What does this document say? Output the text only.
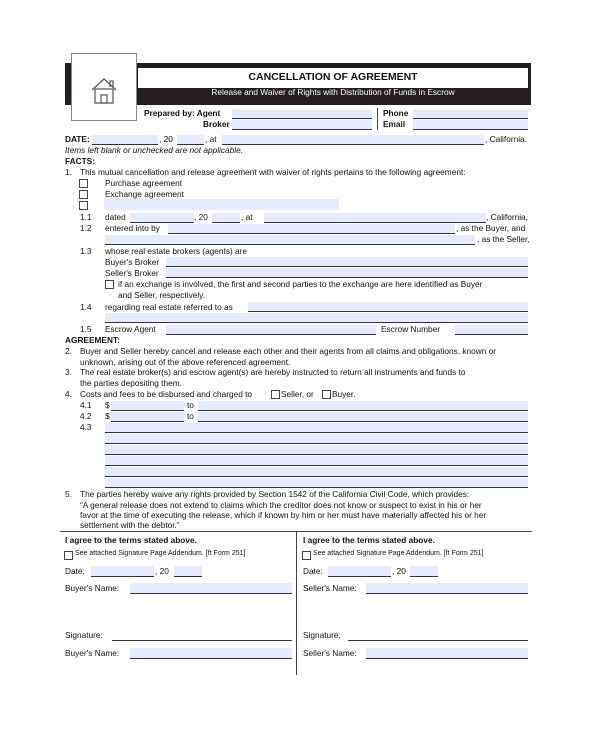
CANCELLATION OF AGREEMENT
Release and Waiver of Rights with Distribution of Funds in Escrow
Prepared by: Agent
Broker
Phone
Email
DATE:	, 20	, at	, California.
Items left blank or unchecked are not applicable.
FACTS:
1. This mutual cancellation and release agreement with waiver of rights pertains to the following agreement:
Purchase agreement
Exchange agreement
1.1 dated	, 20	, at	, California,
1.2 entered into by	, as the Buyer, and
, as the Seller,
1.3 whose real estate brokers (agents) are
Buyer's Broker
Seller's Broker
if an exchange is involved, the first and second parties to the exchange are here identified as Buyer
and Seller, respectively.
1.4 regarding real estate referred to as
1.5 Escrow Agent	Escrow Number
AGREEMENT:
2. Buyer and Seller hereby cancel and release each other and their agents from all claims and obligations, known or
unknown, arising out of the above referenced agreement.
3. The real estate broker(s) and escrow agent(s) are hereby instructed to return all instruments and funds to
the parties depositing them.
4. Costs and fees to be disbursed and charged to	Seller, or Buyer.
4.1 $	to
4.2 $	to
4.3
5. The parties hereby waive any rights provided by Section 1542 of the California Civil Code, which provides:
“A general release does not extend to claims which the creditor does not know or suspect to exist in his or her
favor at the time of executing the release, which if known by him or her must have materially affected his or her
settlement with the debtor.”
I agree to the terms stated above.
See attached Signature Page Addendum. [ft Form 251]
Date:	, 20
Buyer's Name:
Signature:
Buyer's Name:
I agree to the terms stated above.
See attached Signature Page Addendum. [ft Form 251]
Date:	, 20
Seller's Name:
Signature:
Seller's Name:
